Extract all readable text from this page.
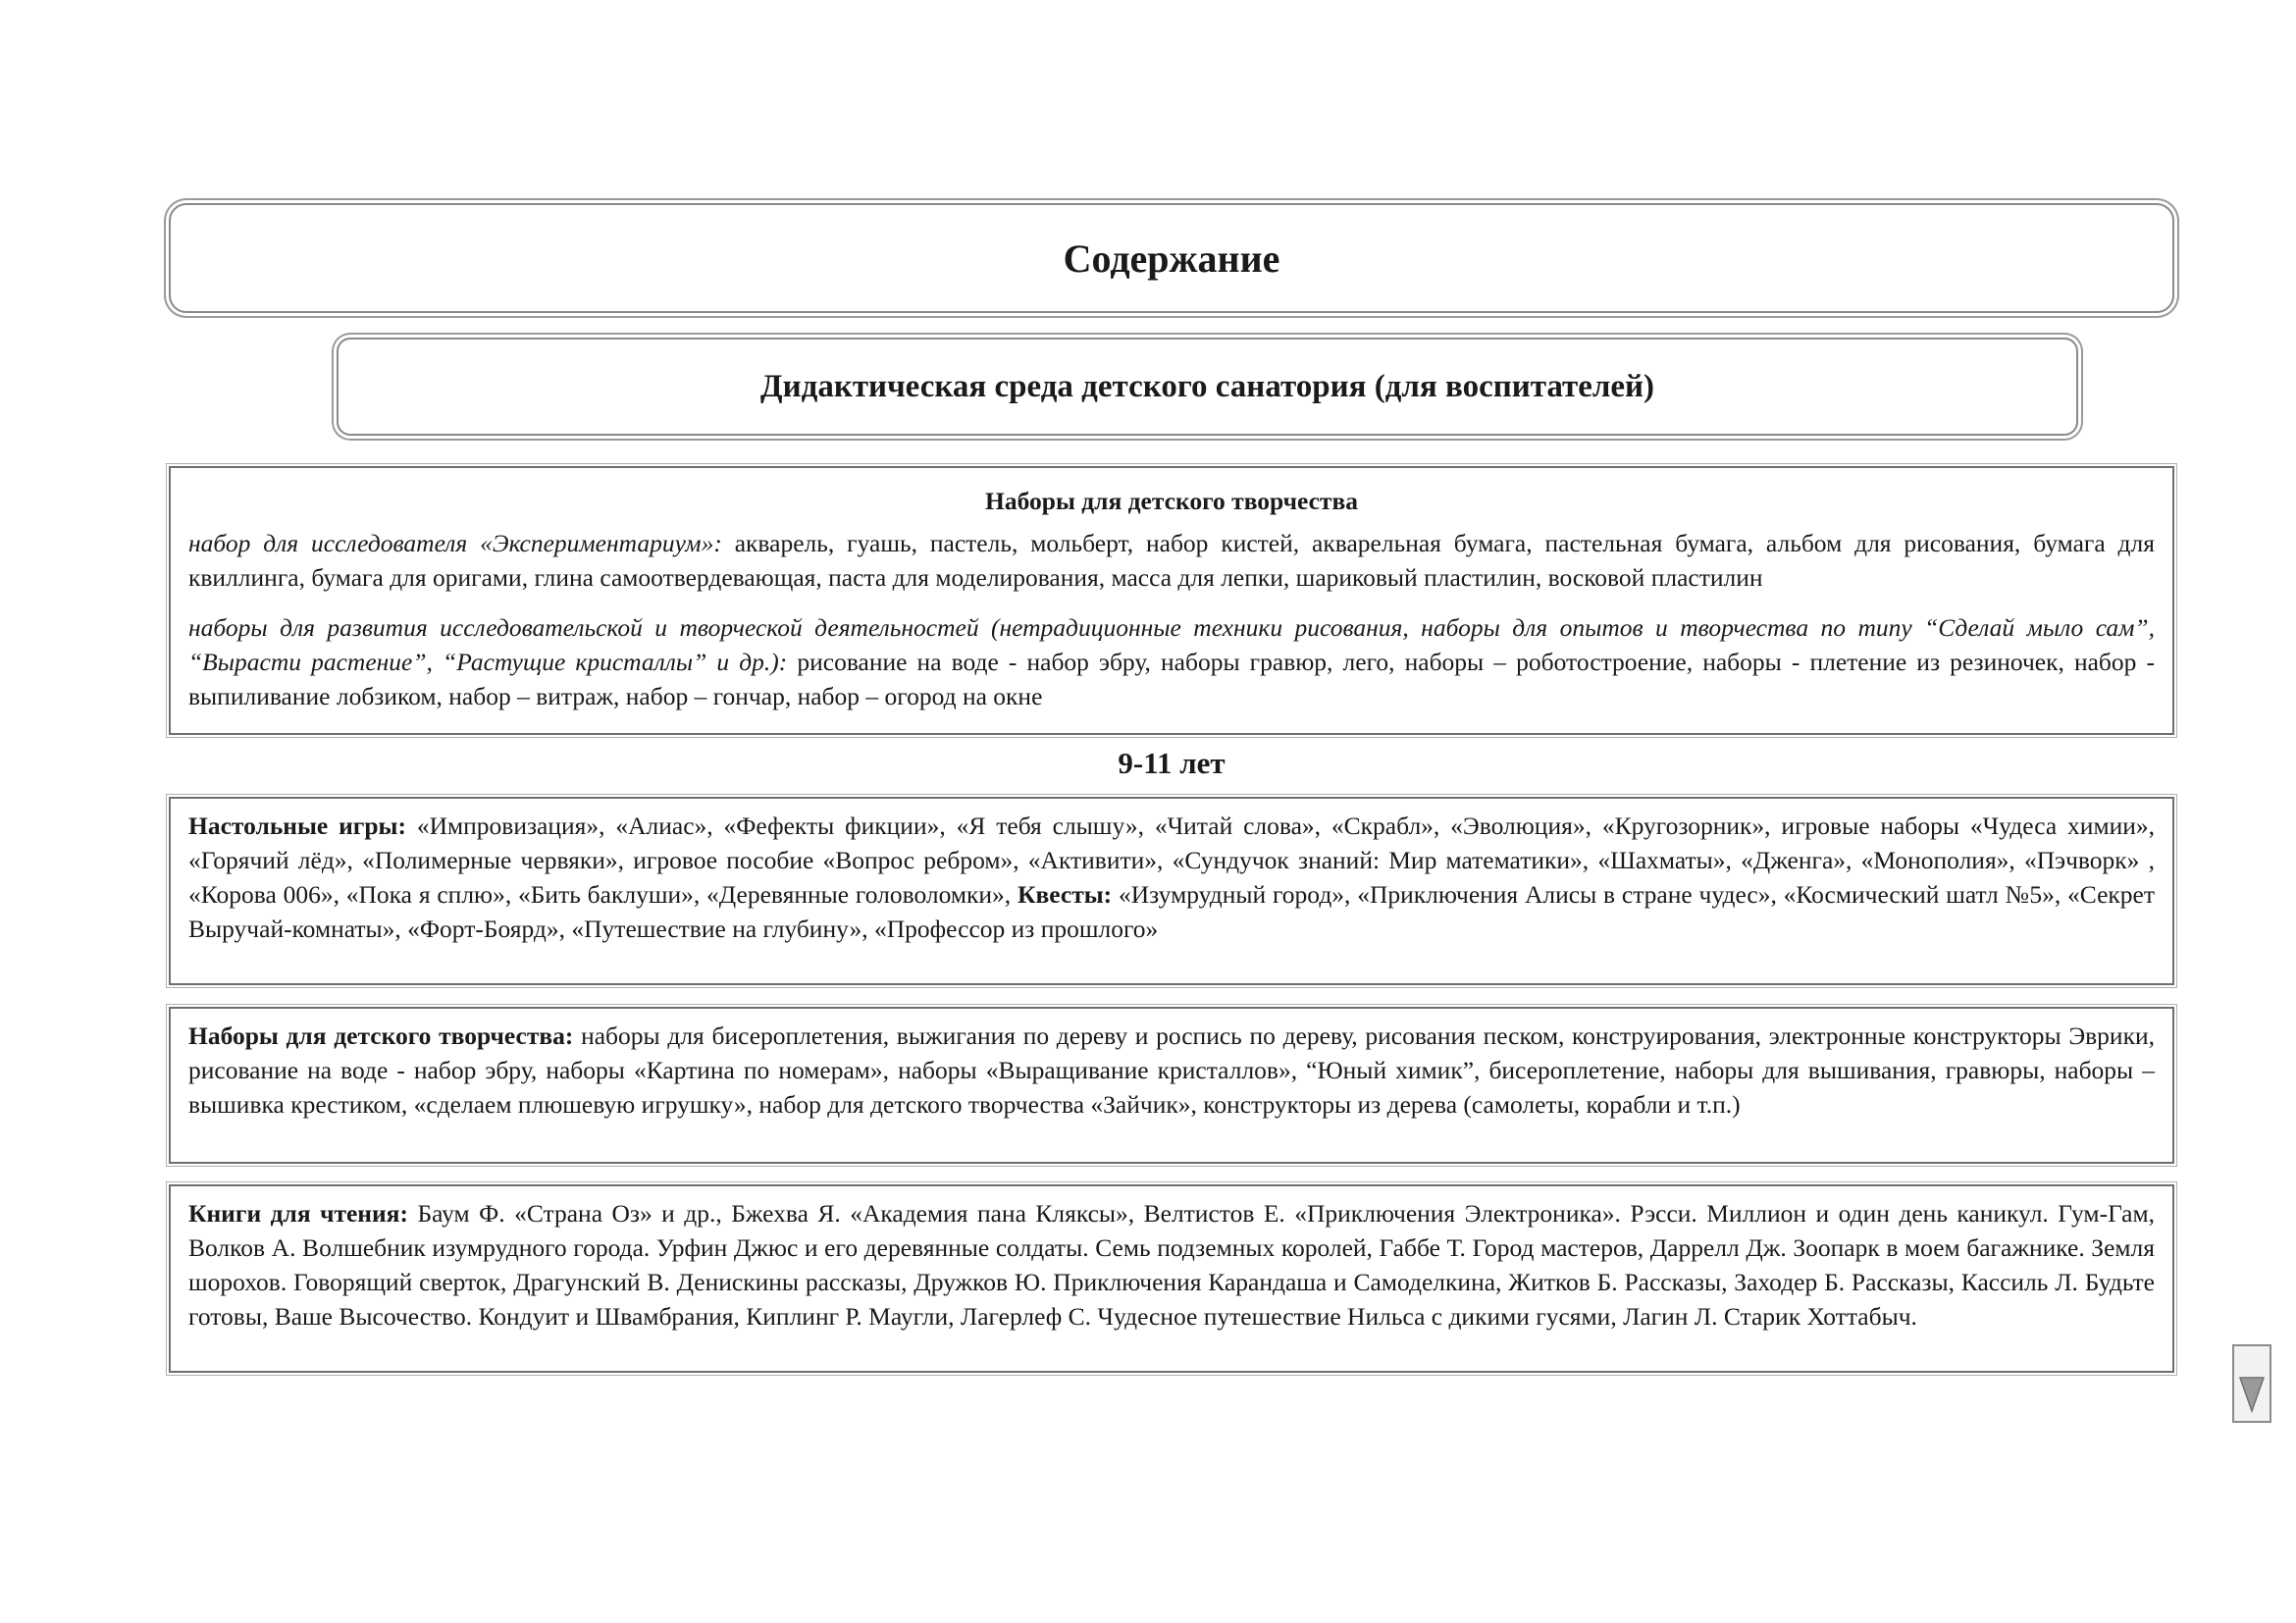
Содержание
Дидактическая среда детского санатория (для воспитателей)

Наборы для детского творчества

набор для исследователя «Экспериментариум»: акварель, гуашь, пастель, мольберт, набор кистей, акварельная бумага, пастельная бумага, альбом для рисования, бумага для квиллинга, бумага для оригами, глина самоотвердевающая, паста для моделирования, масса для лепки, шариковый пластилин, восковой пластилин

наборы для развития исследовательской и творческой деятельностей (нетрадиционные техники рисования, наборы для опытов и творчества по типу “Сделай мыло сам”, “Вырасти растение”, “Растущие кристаллы” и др.): рисование на воде - набор эбру, наборы гравюр, лего, наборы – роботостроение, наборы - плетение из резиночек, набор - выпиливание лобзиком, набор – витраж, набор – гончар, набор – огород на окне

9-11 лет

Настольные игры: «Импровизация», «Алиас», «Фефекты фикции», «Я тебя слышу», «Читай слова», «Скрабл», «Эволюция», «Кругозорник», игровые наборы «Чудеса химии», «Горячий лёд», «Полимерные червяки», игровое пособие «Вопрос ребром», «Активити», «Сундучок знаний: Мир математики», «Шахматы», «Дженга», «Монополия», «Пэчворк» , «Корова 006», «Пока я сплю», «Бить баклуши», «Деревянные головоломки», Квесты: «Изумрудный город», «Приключения Алисы в стране чудес», «Космический шатл №5», «Секрет Выручай-комнаты», «Форт-Боярд», «Путешествие на глубину», «Профессор из прошлого»

Наборы для детского творчества: наборы для бисероплетения, выжигания по дереву и роспись по дереву, рисования песком, конструирования, электронные конструкторы Эврики, рисование на воде - набор эбру, наборы «Картина по номерам», наборы «Выращивание кристаллов», “Юный химик”, бисероплетение, наборы для вышивания, гравюры, наборы – вышивка крестиком, «сделаем плюшевую игрушку», набор для детского творчества «Зайчик», конструкторы из дерева (самолеты, корабли и т.п.)

Книги для чтения: Баум Ф. «Страна Оз» и др., Бжехва Я. «Академия пана Кляксы», Велтистов Е. «Приключения Электроника». Рэсси. Миллион и один день каникул. Гум-Гам, Волков А. Волшебник изумрудного города. Урфин Джюс и его деревянные солдаты. Семь подземных королей, Габбе Т. Город мастеров, Даррелл Дж. Зоопарк в моем багажнике. Земля шорохов. Говорящий сверток, Драгунский В. Денискины рассказы, Дружков Ю. Приключения Карандаша и Самоделкина, Житков Б. Рассказы, Заходер Б. Рассказы, Кассиль Л. Будьте готовы, Ваше Высочество. Кондуит и Швамбрания, Киплинг Р. Маугли, Лагерлеф С. Чудесное путешествие Нильса с дикими гусями, Лагин Л. Старик Хоттабыч.
